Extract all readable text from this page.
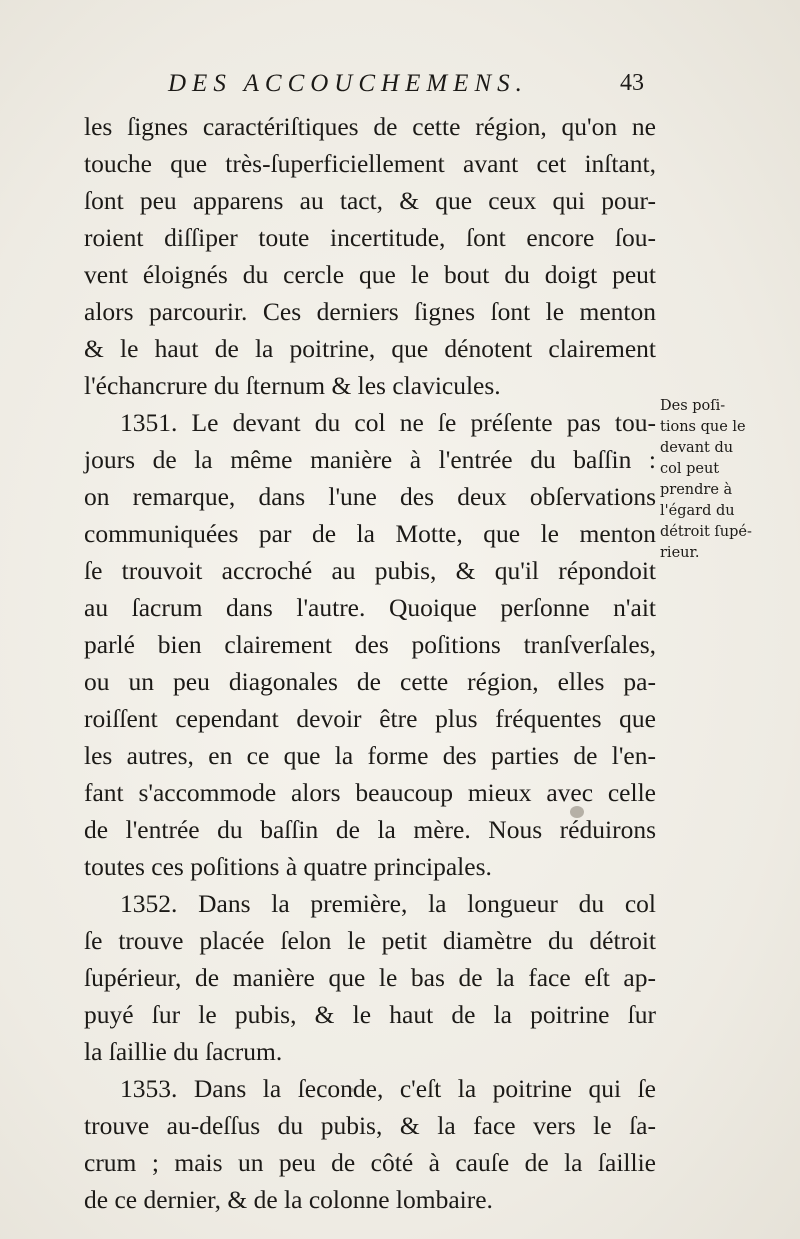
DES ACCOUCHEMENS.	43
les ſignes caractériſtiques de cette région, qu'on ne
touche que très-ſuperficiellement avant cet inſtant,
ſont peu apparens au tact, & que ceux qui pour-
roient diſſiper toute incertitude, ſont encore ſou-
vent éloignés du cercle que le bout du doigt peut
alors parcourir. Ces derniers ſignes ſont le menton
& le haut de la poitrine, que dénotent clairement
l'échancrure du ſternum & les clavicules.
1351. Le devant du col ne ſe préſente pas tou-
jours de la même manière à l'entrée du baſſin :
on remarque, dans l'une des deux obſervations
communiquées par de la Motte, que le menton
ſe trouvoit accroché au pubis, & qu'il répondoit
au ſacrum dans l'autre. Quoique perſonne n'ait
parlé bien clairement des poſitions tranſverſales,
ou un peu diagonales de cette région, elles pa-
roiſſent cependant devoir être plus fréquentes que
les autres, en ce que la forme des parties de l'en-
fant s'accommode alors beaucoup mieux avec celle
de l'entrée du baſſin de la mère. Nous réduirons
toutes ces poſitions à quatre principales.
1352. Dans la première, la longueur du col
ſe trouve placée ſelon le petit diamètre du détroit
ſupérieur, de manière que le bas de la face eſt ap-
puyé ſur le pubis, & le haut de la poitrine ſur
la ſaillie du ſacrum.
1353. Dans la ſeconde, c'eſt la poitrine qui ſe
trouve au-deſſus du pubis, & la face vers le ſa-
crum ; mais un peu de côté à cauſe de la ſaillie
de ce dernier, & de la colonne lombaire.
Des poſi-
tions que le
devant du
col peut
prendre à
l'égard du
détroit ſupé-
rieur.
